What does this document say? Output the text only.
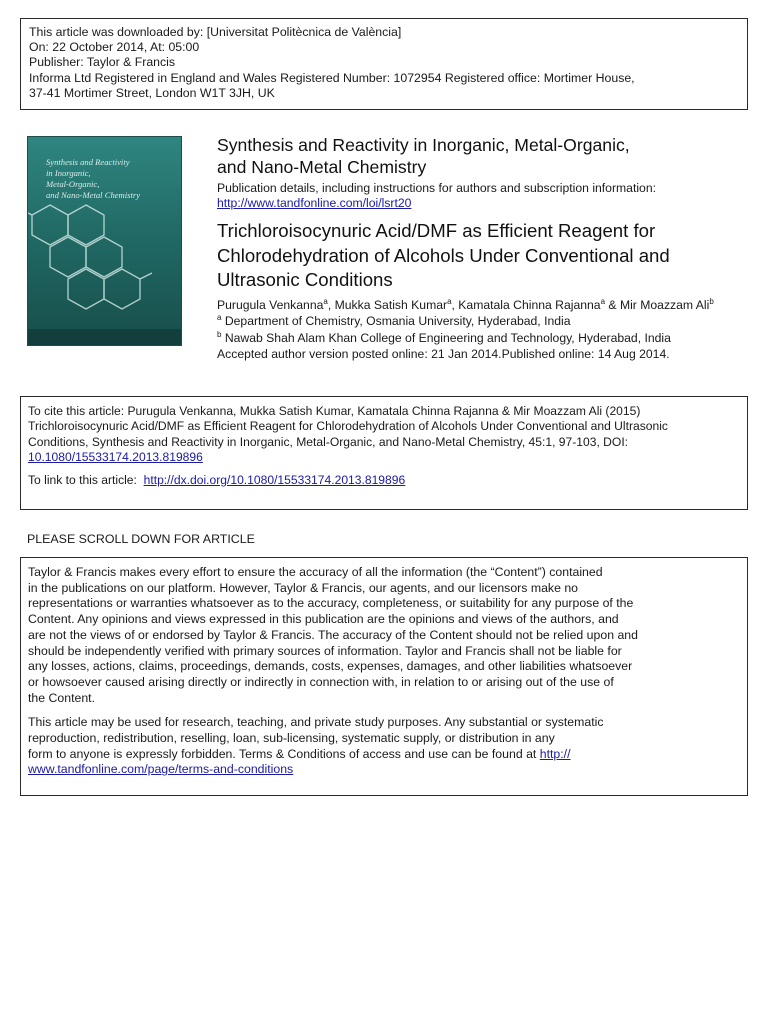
This article was downloaded by: [Universitat Politècnica de València]
On: 22 October 2014, At: 05:00
Publisher: Taylor & Francis
Informa Ltd Registered in England and Wales Registered Number: 1072954 Registered office: Mortimer House,
37-41 Mortimer Street, London W1T 3JH, UK
Synthesis and Reactivity
in Inorganic,
Metal-Organic,
and Nano-Metal Chemistry

Synthesis and Reactivity in Inorganic, Metal-Organic,
and Nano-Metal Chemistry
Publication details, including instructions for authors and subscription information:
http://www.tandfonline.com/loi/lsrt20
Trichloroisocynuric Acid/DMF as Efficient Reagent for
Chlorodehydration of Alcohols Under Conventional and
Ultrasonic Conditions
Purugula Venkanna$^a$, Mukka Satish Kumar$^a$, Kamatala Chinna Rajanna$^a$ & Mir Moazzam Ali$^b$
$^a$ Department of Chemistry, Osmania University, Hyderabad, India
$^b$ Nawab Shah Alam Khan College of Engineering and Technology, Hyderabad, India
Accepted author version posted online: 21 Jan 2014.Published online: 14 Aug 2014.
To cite this article: Purugula Venkanna, Mukka Satish Kumar, Kamatala Chinna Rajanna & Mir Moazzam Ali (2015)
Trichloroisocynuric Acid/DMF as Efficient Reagent for Chlorodehydration of Alcohols Under Conventional and Ultrasonic
Conditions, Synthesis and Reactivity in Inorganic, Metal-Organic, and Nano-Metal Chemistry, 45:1, 97-103, DOI:
10.1080/15533174.2013.819896
To link to this article: http://dx.doi.org/10.1080/15533174.2013.819896
PLEASE SCROLL DOWN FOR ARTICLE
Taylor & Francis makes every effort to ensure the accuracy of all the information (the “Content”) contained
in the publications on our platform. However, Taylor & Francis, our agents, and our licensors make no
representations or warranties whatsoever as to the accuracy, completeness, or suitability for any purpose of the
Content. Any opinions and views expressed in this publication are the opinions and views of the authors, and
are not the views of or endorsed by Taylor & Francis. The accuracy of the Content should not be relied upon and
should be independently verified with primary sources of information. Taylor and Francis shall not be liable for
any losses, actions, claims, proceedings, demands, costs, expenses, damages, and other liabilities whatsoever
or howsoever caused arising directly or indirectly in connection with, in relation to or arising out of the use of
the Content.
This article may be used for research, teaching, and private study purposes. Any substantial or systematic
reproduction, redistribution, reselling, loan, sub-licensing, systematic supply, or distribution in any
form to anyone is expressly forbidden. Terms & Conditions of access and use can be found at http://
www.tandfonline.com/page/terms-and-conditions
